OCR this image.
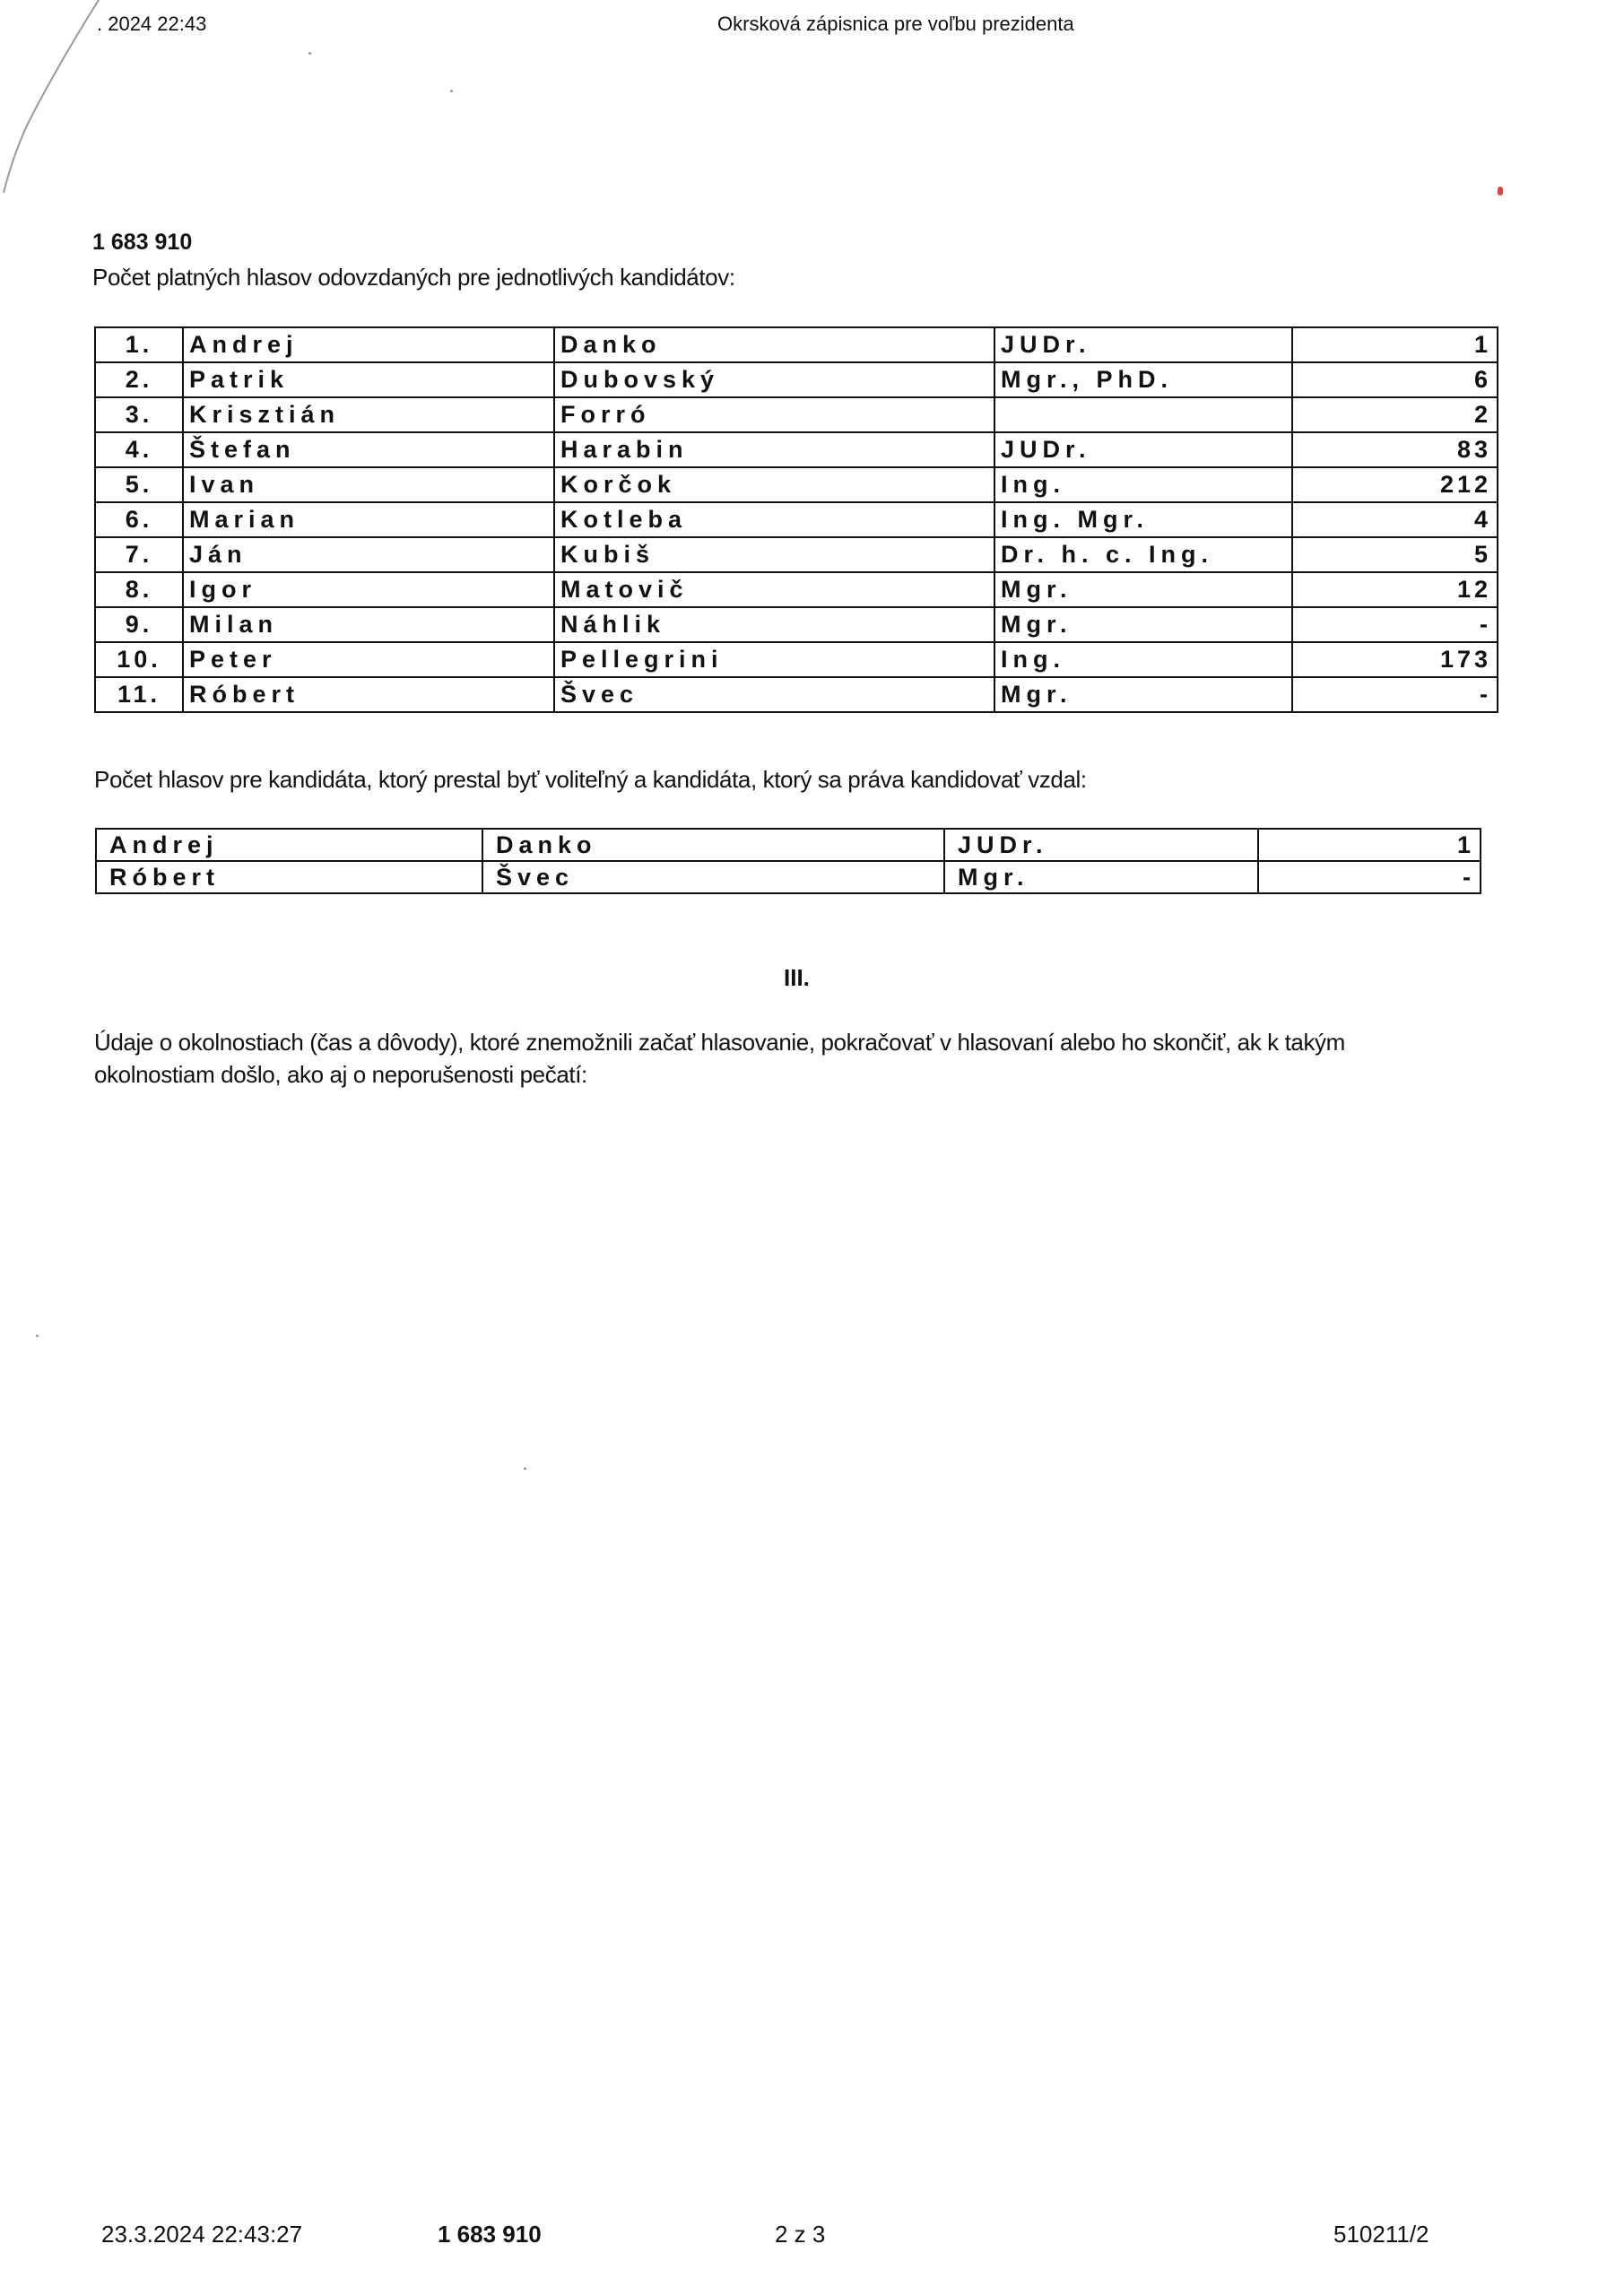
. 2024 22:43	Okrsková zápisnica pre voľbu prezidenta
1 683 910
Počet platných hlasov odovzdaných pre jednotlivých kandidátov:
1.	Andrej	Danko	JUDr.	1
2.	Patrik	Dubovský	Mgr., PhD.	6
3.	Krisztián	Forró		2
4.	Štefan	Harabin	JUDr.	83
5.	Ivan	Korčok	Ing.	212
6.	Marian	Kotleba	Ing. Mgr.	4
7.	Ján	Kubiš	Dr. h. c. Ing.	5
8.	Igor	Matovič	Mgr.	12
9.	Milan	Náhlik	Mgr.	-
10.	Peter	Pellegrini	Ing.	173
11.	Róbert	Švec	Mgr.	-
Počet hlasov pre kandidáta, ktorý prestal byť voliteľný a kandidáta, ktorý sa práva kandidovať vzdal:
Andrej	Danko	JUDr.	1
Róbert	Švec	Mgr.	-
III.
Údaje o okolnostiach (čas a dôvody), ktoré znemožnili začať hlasovanie, pokračovať v hlasovaní alebo ho skončiť, ak k takým okolnostiam došlo, ako aj o neporušenosti pečatí:
23.3.2024 22:43:27	1 683 910	2 z 3	510211/2
